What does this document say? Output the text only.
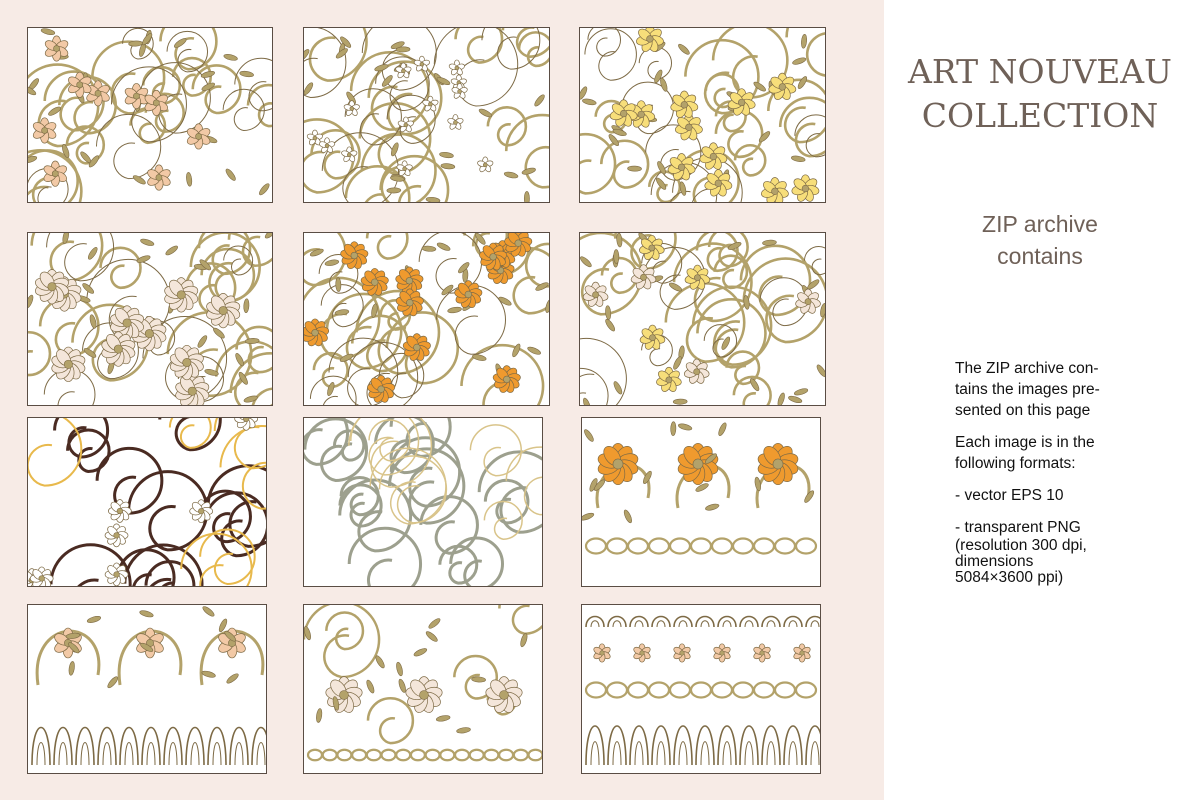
ART NOUVEAU
COLLECTION
ZIP archive
contains

The ZIP archive con-
tains the images pre-
sented on this page

Each image is in the
following formats:

- vector EPS 10

- transparent PNG
(resolution 300 dpi,
dimensions
5084×3600 ppi)
